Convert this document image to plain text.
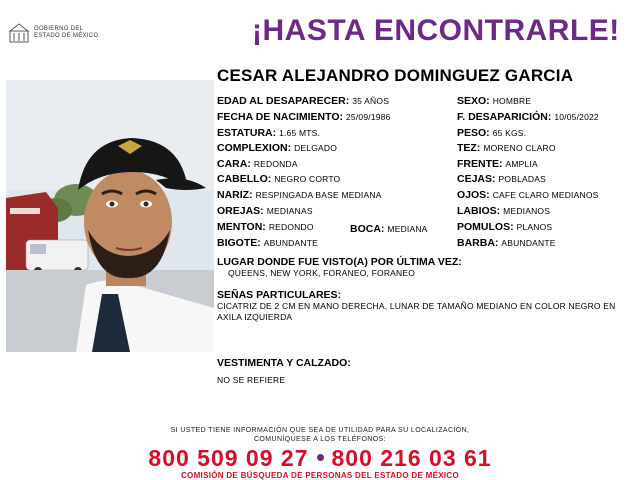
GOBIERNO DEL
ESTADO DE MÉXICO	¡HASTA ENCONTRARLE!
CESAR ALEJANDRO DOMINGUEZ GARCIA
EDAD AL DESAPARECER: 35 AÑOS
FECHA DE NACIMIENTO: 25/09/1986
ESTATURA: 1.65 MTS.
COMPLEXION: DELGADO
CARA: REDONDA
CABELLO: NEGRO CORTO
NARIZ: RESPINGADA BASE MEDIANA
OREJAS: MEDIANAS
MENTON: REDONDO
BIGOTE: ABUNDANTE
BOCA: MEDIANA
SEXO: HOMBRE
F. DESAPARICIÓN: 10/05/2022
PESO: 65 KGS.
TEZ: MORENO CLARO
FRENTE: AMPLIA
CEJAS: POBLADAS
OJOS: CAFE CLARO MEDIANOS
LABIOS: MEDIANOS
POMULOS: PLANOS
BARBA: ABUNDANTE
LUGAR DONDE FUE VISTO(A) POR ÚLTIMA VEZ:
QUEENS, NEW YORK, FORANEO, FORANEO
SEÑAS PARTICULARES:
CICATRIZ DE 2 CM EN MANO DERECHA, LUNAR DE TAMAÑO MEDIANO EN COLOR NEGRO EN AXILA IZQUIERDA
VESTIMENTA Y CALZADO:
NO SE REFIERE
SI USTED TIENE INFORMACIÓN QUE SEA DE UTILIDAD PARA SU LOCALIZACIÓN,
COMUNÍQUESE A LOS TELÉFONOS:
800 509 09 27 800 216 03 61
COMISIÓN DE BÚSQUEDA DE PERSONAS DEL ESTADO DE MÉXICO
